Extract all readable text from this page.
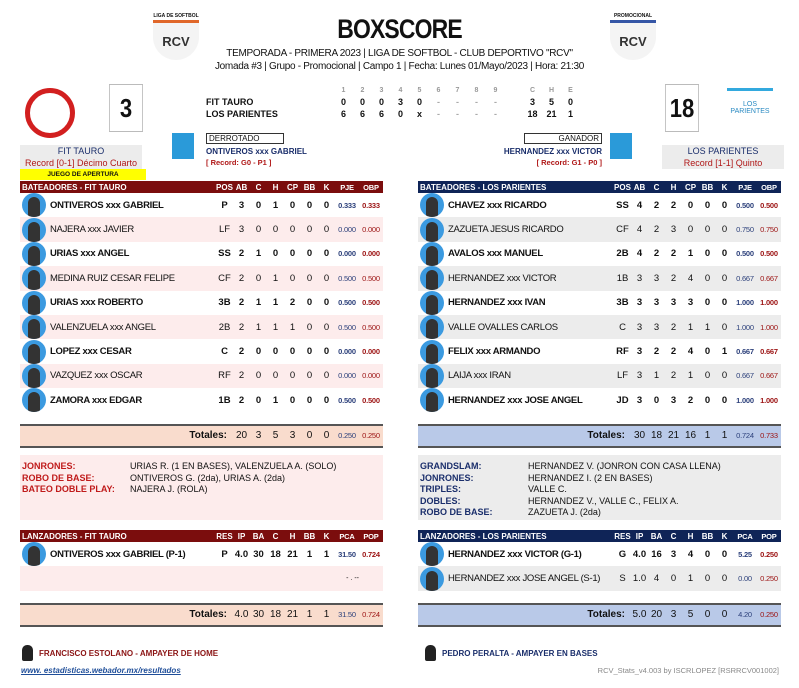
BOXSCORE
TEMPORADA - PRIMERA 2023 | LIGA DE SOFTBOL - CLUB DEPORTIVO "RCV"
Jomada #3 | Grupo - Promocional | Campo 1 | Fecha: Lunes 01/Mayo/2023 | Hora: 21:30
LIGA DE SOFTBOL
RCV
PROMOCIONAL
RCV
3	18	LOS PARIENTES
1 2 3 4 5 6 7 8 9	C H E
FIT TAURO	0 0 0 3 0 - - - -	3 5 0
LOS PARIENTES	6 6 6 0 x - - - -	18 21 1
DERROTADO
ONTIVEROS xxx GABRIEL
[ Record: G0 - P1 ]
GANADOR
HERNANDEZ xxx VICTOR
[ Record: G1 - P0 ]
FIT TAURO
Record [0-1] Décimo Cuarto
JUEGO DE APERTURA
LOS PARIENTES
Record [1-1] Quinto
BATEADORES - FIT TAURO	POS AB	C	H	CP BB	K	PJE	OBP
ONTIVEROS xxx GABRIEL	P	3	0	1	0	0	0	0.333 0.333
NAJERA xxx JAVIER	LF 3	0	0	0	0	0	0.000 0.000
URIAS xxx ANGEL	SS 2	1	0	0	0	0	0.000 0.000
MEDINA RUIZ CESAR FELIPE	CF 2	0	1	0	0	0	0.500 0.500
URIAS xxx ROBERTO	3B 2	1	1	2	0	0	0.500 0.500
VALENZUELA xxx ANGEL	2B 2	1	1	1	0	0	0.500 0.500
LOPEZ xxx CESAR	C	2	0	0	0	0	0	0.000 0.000
VAZQUEZ xxx OSCAR	RF 2	0	0	0	0	0	0.000 0.000
ZAMORA xxx EDGAR	1B 2	0	1	0	0	0	0.500 0.500
Totales: 20 3	5	3	0	0	0.250 0.250
BATEADORES - LOS PARIENTES	POS AB	C	H	CP BB	K	PJE	OBP
CHAVEZ xxx RICARDO	SS 4	2	2	0	0	0	0.500 0.500
ZAZUETA JESUS RICARDO	CF 4	2	3	0	0	0	0.750 0.750
AVALOS xxx MANUEL	2B 4	2	2	1	0	0	0.500 0.500
HERNANDEZ xxx VICTOR	1B 3	3	2	4	0	0	0.667 0.667
HERNANDEZ xxx IVAN	3B 3	3	3	3	0	0	1.000 1.000
VALLE OVALLES CARLOS	C	3	3	2	1	1	0	1.000 1.000
FELIX xxx ARMANDO	RF 3	2	2	4	0	1	0.667 0.667
LAIJA xxx IRAN	LF 3	1	2	1	0	0	0.667 0.667
HERNANDEZ xxx JOSE ANGEL	JD 3	0	3	2	0	0	1.000 1.000
Totales: 30 18 21 16 1	1	0.724 0.733
JONRONES:	URIAS R. (1 EN BASES), VALENZUELA A. (SOLO)
ROBO DE BASE:	ONTIVEROS G. (2da), URIAS A. (2da)
BATEO DOBLE PLAY: NAJERA J. (ROLA)
GRANDSLAM:	HERNANDEZ V. (JONRON CON CASA LLENA)
JONRONES:	HERNANDEZ I. (2 EN BASES)
TRIPLES:	VALLE C.
DOBLES:	HERNANDEZ V., VALLE C., FELIX A.
ROBO DE BASE:	ZAZUETA J. (2da)
LANZADORES - FIT TAURO	RES IP BA	C	H	BB	K	PCA	POP
ONTIVEROS xxx GABRIEL (P-1)	P 4.0 30 18 21 1	1	31.50 0.724
- . --
Totales: 4.0 30 18 21 1	1	31.50 0.724
LANZADORES - LOS PARIENTES	RES IP BA	C	H	BB	K	PCA	POP
HERNANDEZ xxx VICTOR (G-1)	G 4.0 16 3	4	0	0	5.25	0.250
HERNANDEZ xxx JOSE ANGEL (S-1)	S 1.0 4	0	1	0	0	0.00	0.250
Totales: 5.0 20 3	5	0	0	4.20	0.250
FRANCISCO ESTOLANO - AMPAYER DE HOME	PEDRO PERALTA - AMPAYER EN BASES
www. estadisticas.webador.mx/resultados	RCV_Stats_v4.003 by ISCRLOPEZ [RSRRCV001002]
